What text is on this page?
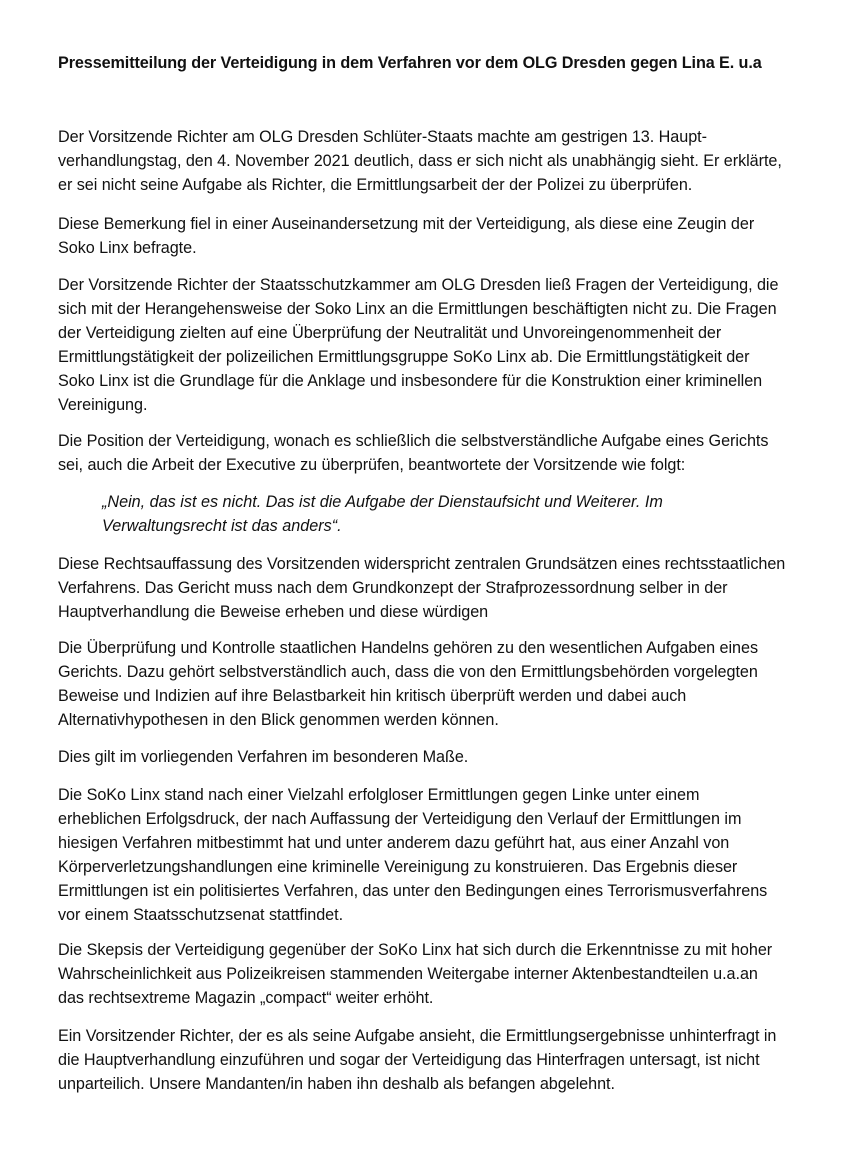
Pressemitteilung der Verteidigung in dem Verfahren vor dem OLG Dresden gegen Lina E. u.a

Der Vorsitzende Richter am OLG Dresden Schlüter-Staats machte am gestrigen 13. Haupt-
verhandlungstag, den 4. November 2021 deutlich, dass er sich nicht als unabhängig sieht. Er erklärte,
er sei nicht seine Aufgabe als Richter, die Ermittlungsarbeit der der Polizei zu überprüfen.

Diese Bemerkung fiel in einer Auseinandersetzung mit der Verteidigung, als diese eine Zeugin der
Soko Linx befragte.

Der Vorsitzende Richter der Staatsschutzkammer am OLG Dresden ließ Fragen der Verteidigung, die
sich mit der Herangehensweise der Soko Linx an die Ermittlungen beschäftigten nicht zu. Die Fragen
der Verteidigung zielten auf eine Überprüfung der Neutralität und Unvoreingenommenheit der
Ermittlungstätigkeit der polizeilichen Ermittlungsgruppe SoKo Linx ab. Die Ermittlungstätigkeit der
Soko Linx ist die Grundlage für die Anklage und insbesondere für die Konstruktion einer kriminellen
Vereinigung.

Die Position der Verteidigung, wonach es schließlich die selbstverständliche Aufgabe eines Gerichts
sei, auch die Arbeit der Executive zu überprüfen, beantwortete der Vorsitzende wie folgt:

„Nein, das ist es nicht. Das ist die Aufgabe der Dienstaufsicht und Weiterer. Im
Verwaltungsrecht ist das anders“.

Diese Rechtsauffassung des Vorsitzenden widerspricht zentralen Grundsätzen eines rechtsstaatlichen
Verfahrens. Das Gericht muss nach dem Grundkonzept der Strafprozessordnung selber in der
Hauptverhandlung die Beweise erheben und diese würdigen

Die Überprüfung und Kontrolle staatlichen Handelns gehören zu den wesentlichen Aufgaben eines
Gerichts. Dazu gehört selbstverständlich auch, dass die von den Ermittlungsbehörden vorgelegten
Beweise und Indizien auf ihre Belastbarkeit hin kritisch überprüft werden und dabei auch
Alternativhypothesen in den Blick genommen werden können.

Dies gilt im vorliegenden Verfahren im besonderen Maße.

Die SoKo Linx stand nach einer Vielzahl erfolgloser Ermittlungen gegen Linke unter einem
erheblichen Erfolgsdruck, der nach Auffassung der Verteidigung den Verlauf der Ermittlungen im
hiesigen Verfahren mitbestimmt hat und unter anderem dazu geführt hat, aus einer Anzahl von
Körperverletzungshandlungen eine kriminelle Vereinigung zu konstruieren. Das Ergebnis dieser
Ermittlungen ist ein politisiertes Verfahren, das unter den Bedingungen eines Terrorismusverfahrens
vor einem Staatsschutzsenat stattfindet.

Die Skepsis der Verteidigung gegenüber der SoKo Linx hat sich durch die Erkenntnisse zu mit hoher
Wahrscheinlichkeit aus Polizeikreisen stammenden Weitergabe interner Aktenbestandteilen u.a.an
das rechtsextreme Magazin „compact“ weiter erhöht.

Ein Vorsitzender Richter, der es als seine Aufgabe ansieht, die Ermittlungsergebnisse unhinterfragt in
die Hauptverhandlung einzuführen und sogar der Verteidigung das Hinterfragen untersagt, ist nicht
unparteilich. Unsere Mandanten/in haben ihn deshalb als befangen abgelehnt.
